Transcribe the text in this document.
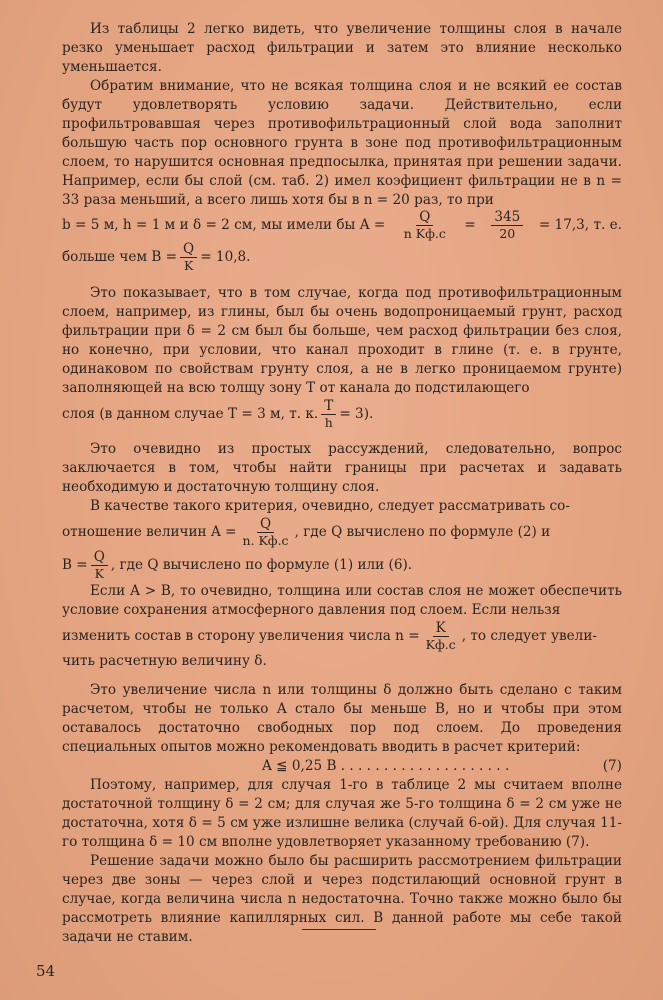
Из таблицы 2 легко видеть, что увеличение толщины слоя в начале резко уменьшает расход фильтрации и затем это влияние несколько уменьшается.

Обратим внимание, что не всякая толщина слоя и не всякий ее состав будут удовлетворять условию задачи. Действительно, если профильтровавшая через противофильтрационный слой вода заполнит большую часть пор основного грунта в зоне под противофильтрационным слоем, то нарушится основная предпосылка, принятая при решении задачи. Например, если бы слой (см. таб. 2) имел коэфициент фильтрации не в n = 33 раза меньший, а всего лишь хотя бы в n = 20 раз, то при

b = 5 м, h = 1 м и δ = 2 см, мы имели бы $A = \frac{Q}{\text{n Kф.с}} = \frac{345}{20} = 17,3$, т. е.
больше чем $B = \frac{Q}{K} = 10,8$.

Это показывает, что в том случае, когда под противофильтрационным слоем, например, из глины, был бы очень водопроницаемый грунт, расход фильтрации при δ = 2 см был бы больше, чем расход фильтрации без слоя, но конечно, при условии, что канал проходит в глине (т. е. в грунте, одинаковом по свойствам грунту слоя, а не в легко проницаемом грунте) заполняющей на всю толщу зону T от канала до подстилающего

слоя (в данном случае T = 3 м, т. к. $\frac{T}{h} = 3$).

Это очевидно из простых рассуждений, следовательно, вопрос заключается в том, чтобы найти границы при расчетах и задавать необходимую и достаточную толщину слоя.

В качестве такого критерия, очевидно, следует рассматривать со-

отношение величин $A = \frac{Q}{n. Kф.с}$ , где Q вычислено по формуле (2) и
$B = \frac{Q}{K}$ , где Q вычислено по формуле (1) или (6).

Если A > B, то очевидно, толщина или состав слоя не может обеспечить условие сохранения атмосферного давления под слоем. Если нельзя

изменить состав в сторону увеличения числа $n = \frac{K}{Kф.с}$ , то следует увели-
чить расчетную величину δ.

Это увеличение числа n или толщины δ должно быть сделано с таким расчетом, чтобы не только A стало бы меньше B, но и чтобы при этом оставалось достаточно свободных пор под слоем. До проведения специальных опытов можно рекомендовать вводить в расчет критерий:

A ≦ 0,25 B . . . . . . . . . . . . . . . . . . . .	(7)

Поэтому, например, для случая 1-го в таблице 2 мы считаем вполне достаточной толщину δ = 2 см; для случая же 5-го толщина δ = 2 см уже не достаточна, хотя δ = 5 см уже излишне велика (случай 6-ой). Для случая 11-го толщина δ = 10 см вполне удовлетворяет указанному требованию (7).

Решение задачи можно было бы расширить рассмотрением фильтрации через две зоны — через слой и через подстилающий основной грунт в случае, когда величина числа n недостаточна. Точно также можно было бы рассмотреть влияние капиллярных сил. В данной работе мы себе такой задачи не ставим.

54
